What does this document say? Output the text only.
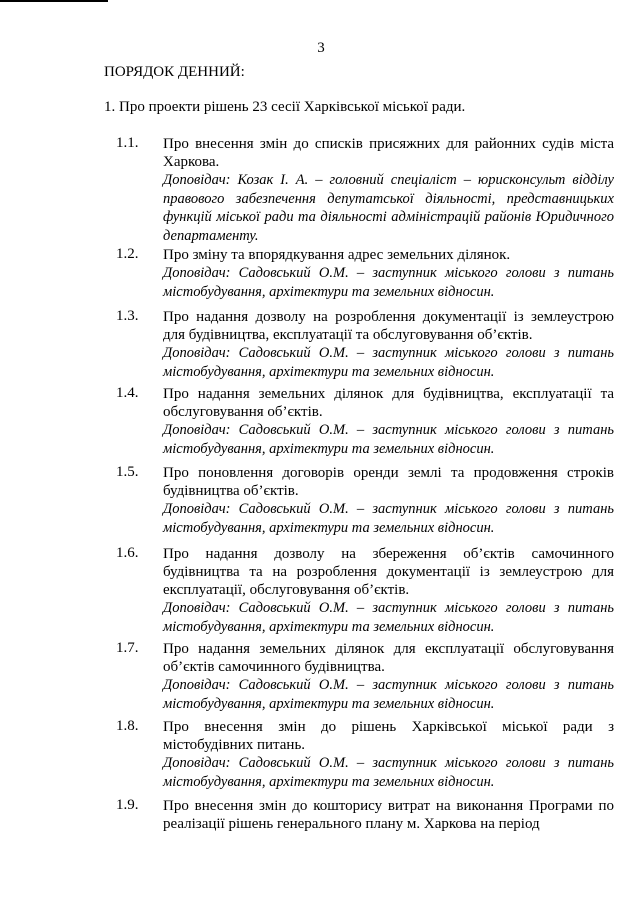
3
ПОРЯДОК ДЕННИЙ:
1. Про проекти рішень 23 сесії Харківської міської ради.
1.1. Про внесення змін до списків присяжних для районних судів міста Харкова.
Доповідач: Козак І. А. – головний спеціаліст – юрисконсульт відділу правового забезпечення депутатської діяльності, представницьких функцій міської ради та діяльності адміністрацій районів Юридичного департаменту.
1.2. Про зміну та впорядкування адрес земельних ділянок.
Доповідач: Садовський О.М. – заступник міського голови з питань містобудування, архітектури та земельних відносин.
1.3. Про надання дозволу на розроблення документації із землеустрою для будівництва, експлуатації та обслуговування об’єктів.
Доповідач: Садовський О.М. – заступник міського голови з питань містобудування, архітектури та земельних відносин.
1.4. Про надання земельних ділянок для будівництва, експлуатації та обслуговування об’єктів.
Доповідач: Садовський О.М. – заступник міського голови з питань містобудування, архітектури та земельних відносин.
1.5. Про поновлення договорів оренди землі та продовження строків будівництва об’єктів.
Доповідач: Садовський О.М. – заступник міського голови з питань містобудування, архітектури та земельних відносин.
1.6. Про надання дозволу на збереження об’єктів самочинного будівництва та на розроблення документації із землеустрою для експлуатації, обслуговування об’єктів.
Доповідач: Садовський О.М. – заступник міського голови з питань містобудування, архітектури та земельних відносин.
1.7. Про надання земельних ділянок для експлуатації обслуговування об’єктів самочинного будівництва.
Доповідач: Садовський О.М. – заступник міського голови з питань містобудування, архітектури та земельних відносин.
1.8. Про внесення змін до рішень Харківської міської ради з містобудівних питань.
Доповідач: Садовський О.М. – заступник міського голови з питань містобудування, архітектури та земельних відносин.
1.9. Про внесення змін до кошторису витрат на виконання Програми по реалізації рішень генерального плану м. Харкова на період
